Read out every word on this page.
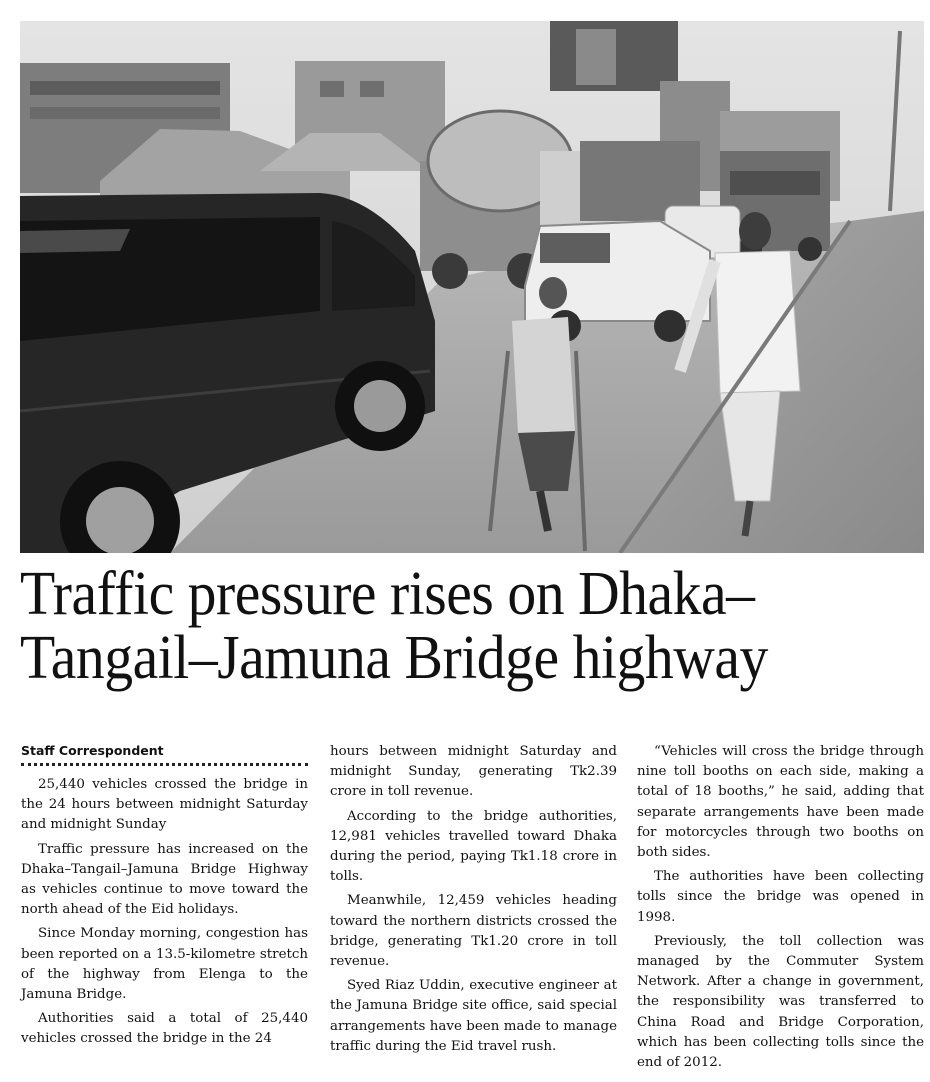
Traffic pressure rises on Dhaka–
Tangail–Jamuna Bridge highway
Staff Correspondent

25,440 vehicles crossed the bridge in the 24 hours between midnight Saturday and midnight Sunday

Traffic pressure has increased on the Dhaka–Tangail–Jamuna Bridge Highway as vehicles continue to move toward the north ahead of the Eid holidays.

Since Monday morning, congestion has been reported on a 13.5-kilometre stretch of the highway from Elenga to the Jamuna Bridge.

Authorities said a total of 25,440 vehicles crossed the bridge in the 24

hours between midnight Saturday and midnight Sunday, generating Tk2.39 crore in toll revenue.

According to the bridge authorities, 12,981 vehicles travelled toward Dhaka during the period, paying Tk1.18 crore in tolls.

Meanwhile, 12,459 vehicles heading toward the northern districts crossed the bridge, generating Tk1.20 crore in toll revenue.

Syed Riaz Uddin, executive engineer at the Jamuna Bridge site office, said special arrangements have been made to manage traffic during the Eid travel rush.

“Vehicles will cross the bridge through nine toll booths on each side, making a total of 18 booths,” he said, adding that separate arrangements have been made for motorcycles through two booths on both sides.

The authorities have been collecting tolls since the bridge was opened in 1998.

Previously, the toll collection was managed by the Commuter System Network. After a change in government, the responsibility was transferred to China Road and Bridge Corporation, which has been collecting tolls since the end of 2012.
